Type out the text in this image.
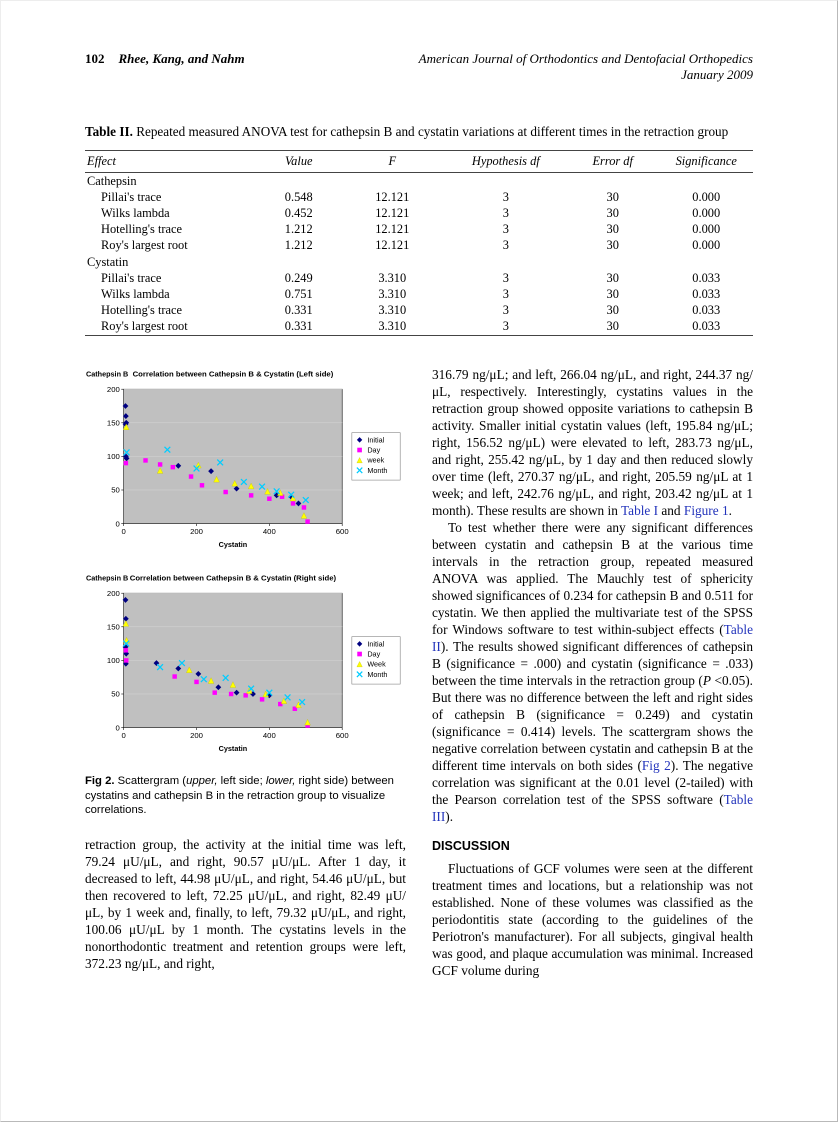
102 Rhee, Kang, and Nahm	American Journal of Orthodontics and Dentofacial Orthopedics
January 2009
Table II. Repeated measured ANOVA test for cathepsin B and cystatin variations at different times in the retraction group
Effect	Value	F	Hypothesis df	Error df	Significance
Cathepsin					
Pillai's trace	0.548	12.121	3	30	0.000
Wilks lambda	0.452	12.121	3	30	0.000
Hotelling's trace	1.212	12.121	3	30	0.000
Roy's largest root	1.212	12.121	3	30	0.000
Cystatin					
Pillai's trace	0.249	3.310	3	30	0.033
Wilks lambda	0.751	3.310	3	30	0.033
Hotelling's trace	0.331	3.310	3	30	0.033
Roy's largest root	0.331	3.310	3	30	0.033
0
50
100
150
200
0	200	400	600
Correlation between Cathepsin B & Cystatin (Left side)
Cathepsin B
Cystatin
Initial
Day
week
Month
0
50
100
150
200
0	200	400	600
Correlation between Cathepsin B & Cystatin (Right side)
Cathepsin B
Cystatin
Initial
Day
Week
Month
Fig 2. Scattergram (upper, left side; lower, right side) between cystatins and cathepsin B in the retraction group to visualize correlations.

retraction group, the activity at the initial time was left, 79.24 μU/μL, and right, 90.57 μU/μL. After 1 day, it decreased to left, 44.98 μU/μL, and right, 54.46 μU/μL, but then recovered to left, 72.25 μU/μL, and right, 82.49 μU/μL, by 1 week and, finally, to left, 79.32 μU/μL, and right, 100.06 μU/μL by 1 month. The cystatins levels in the nonorthodontic treatment and retention groups were left, 372.23 ng/μL, and right,

316.79 ng/μL; and left, 266.04 ng/μL, and right, 244.37 ng/μL, respectively. Interestingly, cystatins values in the retraction group showed opposite variations to cathepsin B activity. Smaller initial cystatin values (left, 195.84 ng/μL; right, 156.52 ng/μL) were elevated to left, 283.73 ng/μL, and right, 255.42 ng/μL, by 1 day and then reduced slowly over time (left, 270.37 ng/μL, and right, 205.59 ng/μL at 1 week; and left, 242.76 ng/μL, and right, 203.42 ng/μL at 1 month). These results are shown in Table I and Figure 1.

To test whether there were any significant differences between cystatin and cathepsin B at the various time intervals in the retraction group, repeated measured ANOVA was applied. The Mauchly test of sphericity showed significances of 0.234 for cathepsin B and 0.511 for cystatin. We then applied the multivariate test of the SPSS for Windows software to test within-subject effects (Table II). The results showed significant differences of cathepsin B (significance = .000) and cystatin (significance = .033) between the time intervals in the retraction group (P <0.05). But there was no difference between the left and right sides of cathepsin B (significance = 0.249) and cystatin (significance = 0.414) levels. The scattergram shows the negative correlation between cystatin and cathepsin B at the different time intervals on both sides (Fig 2). The negative correlation was significant at the 0.01 level (2-tailed) with the Pearson correlation test of the SPSS software (Table III).

DISCUSSION

Fluctuations of GCF volumes were seen at the different treatment times and locations, but a relationship was not established. None of these volumes was classified as the periodontitis state (according to the guidelines of the Periotron's manufacturer). For all subjects, gingival health was good, and plaque accumulation was minimal. Increased GCF volume during
